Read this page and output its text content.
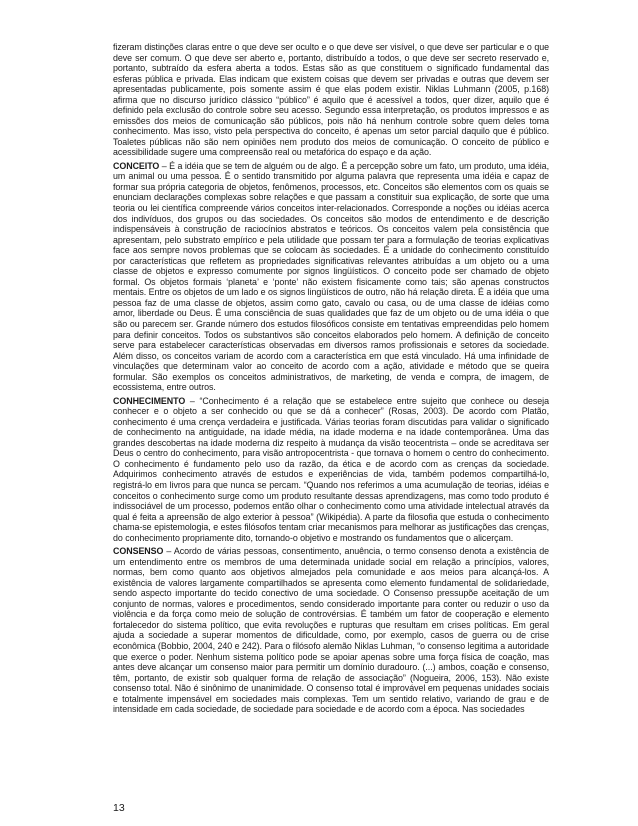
fizeram distinções claras entre o que deve ser oculto e o que deve ser visível, o que deve ser particular e o que deve ser comum. O que deve ser aberto e, portanto, distribuído a todos, o que deve ser secreto reservado e, portanto, subtraído da esfera aberta a todos. Estas são as que constituem o significado fundamental das esferas pública e privada. Elas indicam que existem coisas que devem ser privadas e outras que devem ser apresentadas publicamente, pois somente assim é que elas podem existir. Niklas Luhmann (2005, p.168) afirma que no discurso jurídico clássico “público” é aquilo que é acessível a todos, quer dizer, aquilo que é definido pela exclusão do controle sobre seu acesso. Segundo essa interpretação, os produtos impressos e as emissões dos meios de comunicação são públicos, pois não há nenhum controle sobre quem deles toma conhecimento. Mas isso, visto pela perspectiva do conceito, é apenas um setor parcial daquilo que é público. Toaletes públicas não são nem opiniões nem produto dos meios de comunicação. O conceito de público e acessibilidade sugere uma compreensão real ou metafórica do espaço e da ação.

CONCEITO – É a idéia que se tem de alguém ou de algo. É a percepção sobre um fato, um produto, uma idéia, um animal ou uma pessoa. É o sentido transmitido por alguma palavra que representa uma idéia e capaz de formar sua própria categoria de objetos, fenômenos, processos, etc. Conceitos são elementos com os quais se enunciam declarações complexas sobre relações e que passam a constituir sua explicação, de sorte que uma teoria ou lei científica compreende vários conceitos inter-relacionados. Corresponde a noções ou idéias acerca dos indivíduos, dos grupos ou das sociedades. Os conceitos são modos de entendimento e de descrição indispensáveis à construção de raciocínios abstratos e teóricos. Os conceitos valem pela consistência que apresentam, pelo substrato empírico e pela utilidade que possam ter para a formulação de teorias explicativas face aos sempre novos problemas que se colocam às sociedades. É a unidade do conhecimento constituído por características que refletem as propriedades significativas relevantes atribuídas a um objeto ou a uma classe de objetos e expresso comumente por signos lingüísticos. O conceito pode ser chamado de objeto formal. Os objetos formais ‘planeta’ e ‘ponte’ não existem fisicamente como tais; são apenas constructos mentais. Entre os objetos de um lado e os signos lingüísticos de outro, não há relação direta. É a idéia que uma pessoa faz de uma classe de objetos, assim como gato, cavalo ou casa, ou de uma classe de idéias como amor, liberdade ou Deus. É uma consciência de suas qualidades que faz de um objeto ou de uma idéia o que são ou parecem ser. Grande número dos estudos filosóficos consiste em tentativas empreendidas pelo homem para definir conceitos. Todos os substantivos são conceitos elaborados pelo homem. A definição de conceito serve para estabelecer características observadas em diversos ramos profissionais e setores da sociedade. Além disso, os conceitos variam de acordo com a característica em que está vinculado. Há uma infinidade de vinculações que determinam valor ao conceito de acordo com a ação, atividade e método que se queira formular. São exemplos os conceitos administrativos, de marketing, de venda e compra, de imagem, de ecossistema, entre outros.

CONHECIMENTO – “Conhecimento é a relação que se estabelece entre sujeito que conhece ou deseja conhecer e o objeto a ser conhecido ou que se dá a conhecer” (Rosas, 2003). De acordo com Platão, conhecimento é uma crença verdadeira e justificada. Várias teorias foram discutidas para validar o significado de conhecimento na antiguidade, na idade média, na idade moderna e na idade contemporânea. Uma das grandes descobertas na idade moderna diz respeito à mudança da visão teocentrista – onde se acreditava ser Deus o centro do conhecimento, para visão antropocentrista - que tornava o homem o centro do conhecimento. O conhecimento é fundamento pelo uso da razão, da ética e de acordo com as crenças da sociedade. Adquirimos conhecimento através de estudos e experiências de vida, também podemos compartilhá-lo, registrá-lo em livros para que nunca se percam. “Quando nos referimos a uma acumulação de teorias, idéias e conceitos o conhecimento surge como um produto resultante dessas aprendizagens, mas como todo produto é indissociável de um processo, podemos então olhar o conhecimento como uma atividade intelectual através da qual é feita a apreensão de algo exterior à pessoa” (Wikipédia). A parte da filosofia que estuda o conhecimento chama-se epistemologia, e estes filósofos tentam criar mecanismos para melhorar as justificações das crenças, do conhecimento propriamente dito, tornando-o objetivo e mostrando os fundamentos que o alicerçam.

CONSENSO – Acordo de várias pessoas, consentimento, anuência, o termo consenso denota a existência de um entendimento entre os membros de uma determinada unidade social em relação a princípios, valores, normas, bem como quanto aos objetivos almejados pela comunidade e aos meios para alcançá-los. A existência de valores largamente compartilhados se apresenta como elemento fundamental de solidariedade, sendo aspecto importante do tecido conectivo de uma sociedade. O Consenso pressupõe aceitação de um conjunto de normas, valores e procedimentos, sendo considerado importante para conter ou reduzir o uso da violência e da força como meio de solução de controvérsias. É também um fator de cooperação e elemento fortalecedor do sistema político, que evita revoluções e rupturas que resultam em crises políticas. Em geral ajuda a sociedade a superar momentos de dificuldade, como, por exemplo, casos de guerra ou de crise econômica (Bobbio, 2004, 240 e 242). Para o filósofo alemão Niklas Luhman, “o consenso legitima a autoridade que exerce o poder. Nenhum sistema político pode se apoiar apenas sobre uma força física de coação, mas antes deve alcançar um consenso maior para permitir um domínio duradouro. (...) ambos, coação e consenso, têm, portanto, de existir sob qualquer forma de relação de associação” (Nogueira, 2006, 153). Não existe consenso total. Não é sinônimo de unanimidade. O consenso total é improvável em pequenas unidades sociais e totalmente impensável em sociedades mais complexas. Tem um sentido relativo, variando de grau e de intensidade em cada sociedade, de sociedade para sociedade e de acordo com a época. Nas sociedades

13
